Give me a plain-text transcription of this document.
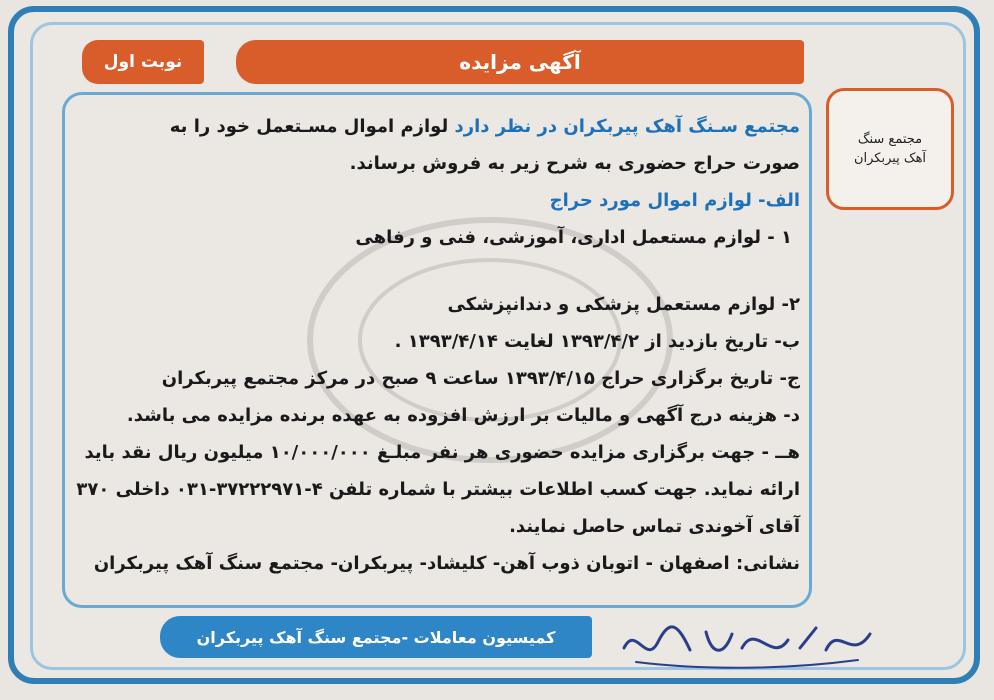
نوبت اول	آگهی مزایده
مجتمع سنگ آهک پیربکران
مجتمع سـنگ آهک پیربکران در نظر دارد لوازم اموال مسـتعمل خود را به
صورت حراج حضوری به شرح زیر به فروش برساند.
الف- لوازم اموال مورد حراج
۱ - لوازم مستعمل اداری، آموزشی، فنی و رفاهی
۲- لوازم مستعمل پزشکی و دندانپزشکی
ب- تاریخ بازدید از ۱۳۹۳/۴/۲ لغایت ۱۳۹۳/۴/۱۴ .
ج- تاریخ برگزاری حراج ۱۳۹۳/۴/۱۵ ساعت ۹ صبح در مرکز مجتمع پیربکران
د- هزینه درج آگهی و مالیات بر ارزش افزوده به عهده برنده مزایده می باشد.
هــ - جهت برگزاری مزایده حضوری هر نفر مبلـغ ۱۰/۰۰۰/۰۰۰ میلیون ریال نقد باید
ارائه نماید. جهت کسب اطلاعات بیشتر با شماره تلفن ۴-۳۷۲۲۲۹۷۱-۰۳۱ داخلی ۳۷۰
آقای آخوندی تماس حاصل نمایند.
نشانی: اصفهان - اتوبان ذوب آهن- کلیشاد- پیربکران- مجتمع سنگ آهک پیربکران
کمیسیون معاملات -مجتمع سنگ آهک پیربکران
